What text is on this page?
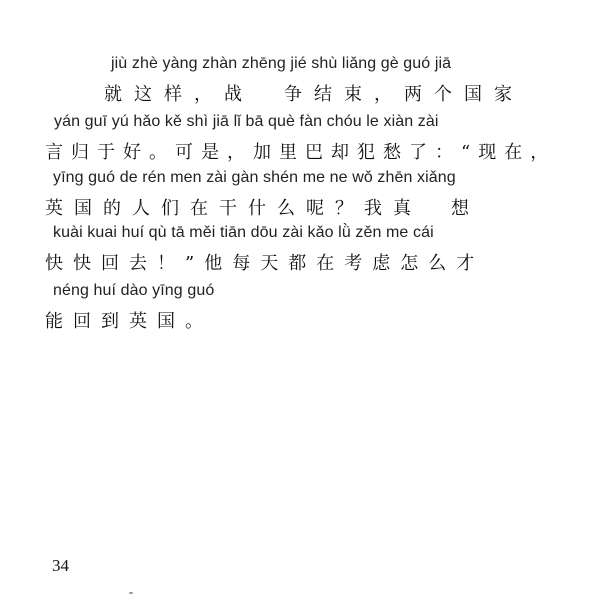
jiù zhè yàng zhàn zhēng jié shù liǎng gè guó jiā
就这样，战　争结束，两个国家
yán guī yú hǎo kě shì jiā lǐ bā què fàn chóu le xiàn zài
言归于好。可是，加里巴却犯愁了：“现在，
yīng guó de rén men zài gàn shén me ne wǒ zhēn xiǎng
英国的人们在干什么呢？我真　想
kuài kuai huí qù tā měi tiān dōu zài kǎo lǜ zěn me cái
快快回去！”他每天都在考虑怎么才
néng huí dào yīng guó
能回到英国。
34
